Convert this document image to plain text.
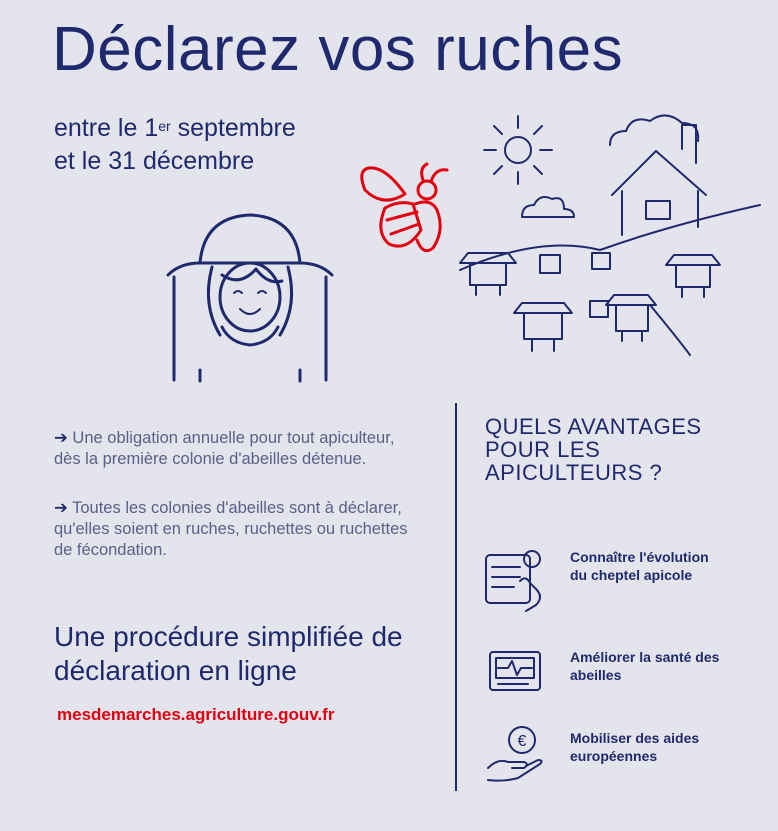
Déclarez vos ruches
entre le 1er septembre
et le 31 décembre
➔ Une obligation annuelle pour tout apiculteur, dès la première colonie d'abeilles détenue.
➔ Toutes les colonies d'abeilles sont à déclarer, qu'elles soient en ruches, ruchettes ou ruchettes de fécondation.
Une procédure simplifiée de déclaration en ligne
mesdemarches.agriculture.gouv.fr
QUELS AVANTAGES POUR LES APICULTEURS ?
€
Connaître l'évolution du cheptel apicole
Améliorer la santé des abeilles
Mobiliser des aides européennes
